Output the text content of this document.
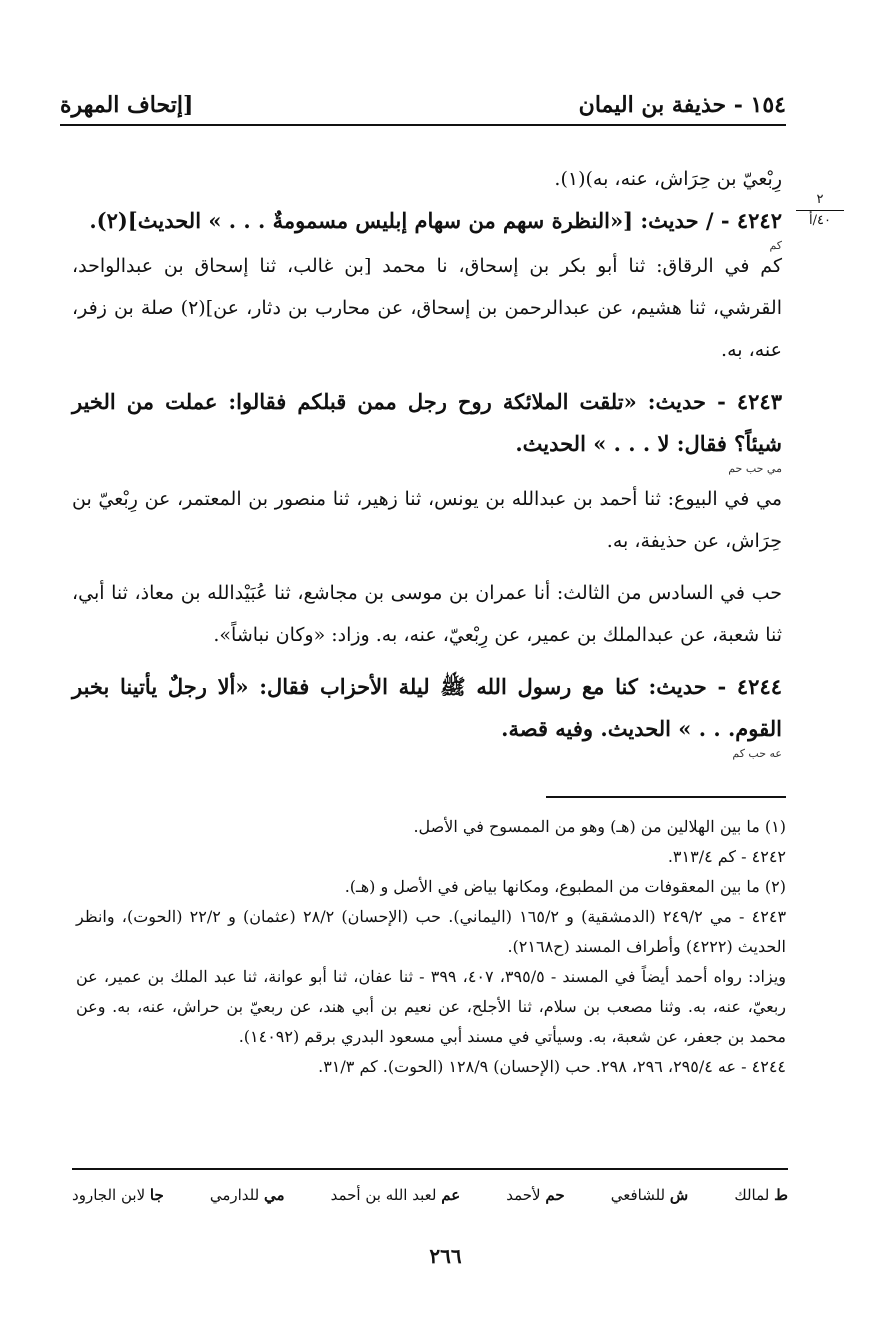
١٥٤ - حذيفة بن اليمان
[إتحاف المهرة
٢
٤٠/أ

رِبْعيّ بن حِرَاش، عنه، به)(١).

٤٢٤٢ - / حديث: [«النظرة سهم من سهام إبليس مسمومةٌ . . . » الحديث](٢).
كم

كم في الرقاق: ثنا أبو بكر بن إسحاق، نا محمد [بن غالب، ثنا إسحاق بن عبدالواحد، القرشي، ثنا هشيم، عن عبدالرحمن بن إسحاق، عن محارب بن دثار، عن](٢) صلة بن زفر، عنه، به.

٤٢٤٣ - حديث: «تلقت الملائكة روح رجل ممن قبلكم فقالوا: عملت من الخير شيئاً؟ فقال: لا . . . » الحديث.
مي حب حم

مي في البيوع: ثنا أحمد بن عبدالله بن يونس، ثنا زهير، ثنا منصور بن المعتمر، عن رِبْعيّ بن حِرَاش، عن حذيفة، به.

حب في السادس من الثالث: أنا عمران بن موسى بن مجاشع، ثنا عُبَيْدالله بن معاذ، ثنا أبي، ثنا شعبة، عن عبدالملك بن عمير، عن رِبْعيّ، عنه، به. وزاد: «وكان نباشاً».

٤٢٤٤ - حديث: كنا مع رسول الله ﷺ ليلة الأحزاب فقال: «ألا رجلٌ يأتينا بخبر القوم. . . » الحديث. وفيه قصة.
عه حب كم

(١) ما بين الهلالين من (هـ) وهو من الممسوح في الأصل.

٤٢٤٢ - كم ٣١٣/٤.

(٢) ما بين المعقوفات من المطبوع، ومكانها بياض في الأصل و (هـ).

٤٢٤٣ - مي ٢٤٩/٢ (الدمشقية) و ١٦٥/٢ (اليماني). حب (الإحسان) ٢٨/٢ (عثمان) و ٢٢/٢ (الحوت)، وانظر الحديث (٤٢٢٢) وأطراف المسند (ح٢١٦٨).

ويزاد: رواه أحمد أيضاً في المسند - ٣٩٥/٥، ٤٠٧، ٣٩٩ - ثنا عفان، ثنا أبو عوانة، ثنا عبد الملك بن عمير، عن ربعيّ، عنه، به. وثنا مصعب بن سلام، ثنا الأجلح، عن نعيم بن أبي هند، عن ربعيّ بن حراش، عنه، به. وعن محمد بن جعفر، عن شعبة، به. وسيأتي في مسند أبي مسعود البدري برقم (١٤٠٩٢).

٤٢٤٤ - عه ٢٩٥/٤، ٢٩٦، ٢٩٨. حب (الإحسان) ١٢٨/٩ (الحوت). كم ٣١/٣.

ط لمالك
ش للشافعي
حم لأحمد
عم لعبد الله بن أحمد
مي للدارمي
جا لابن الجارود
٢٦٦
